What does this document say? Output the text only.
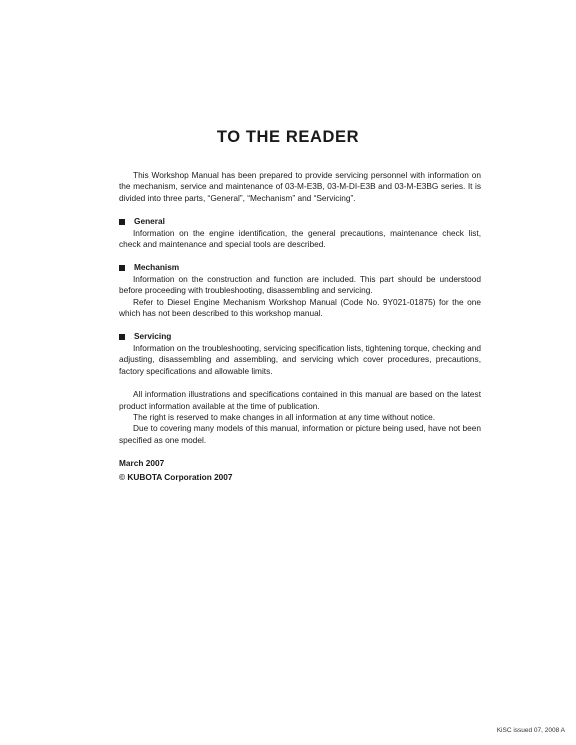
TO THE READER

This Workshop Manual has been prepared to provide servicing personnel with information on the mechanism, service and maintenance of 03-M-E3B, 03-M-DI-E3B and 03-M-E3BG series. It is divided into three parts, “General”, “Mechanism” and “Servicing”.

General

Information on the engine identification, the general precautions, maintenance check list, check and maintenance and special tools are described.

Mechanism

Information on the construction and function are included. This part should be understood before proceeding with troubleshooting, disassembling and servicing.

Refer to Diesel Engine Mechanism Workshop Manual (Code No. 9Y021-01875) for the one which has not been described to this workshop manual.

Servicing

Information on the troubleshooting, servicing specification lists, tightening torque, checking and adjusting, disassembling and assembling, and servicing which cover procedures, precautions, factory specifications and allowable limits.

All information illustrations and specifications contained in this manual are based on the latest product information available at the time of publication.

The right is reserved to make changes in all information at any time without notice.

Due to covering many models of this manual, information or picture being used, have not been specified as one model.

March 2007

© KUBOTA Corporation 2007

KiSC issued 07, 2008 A
